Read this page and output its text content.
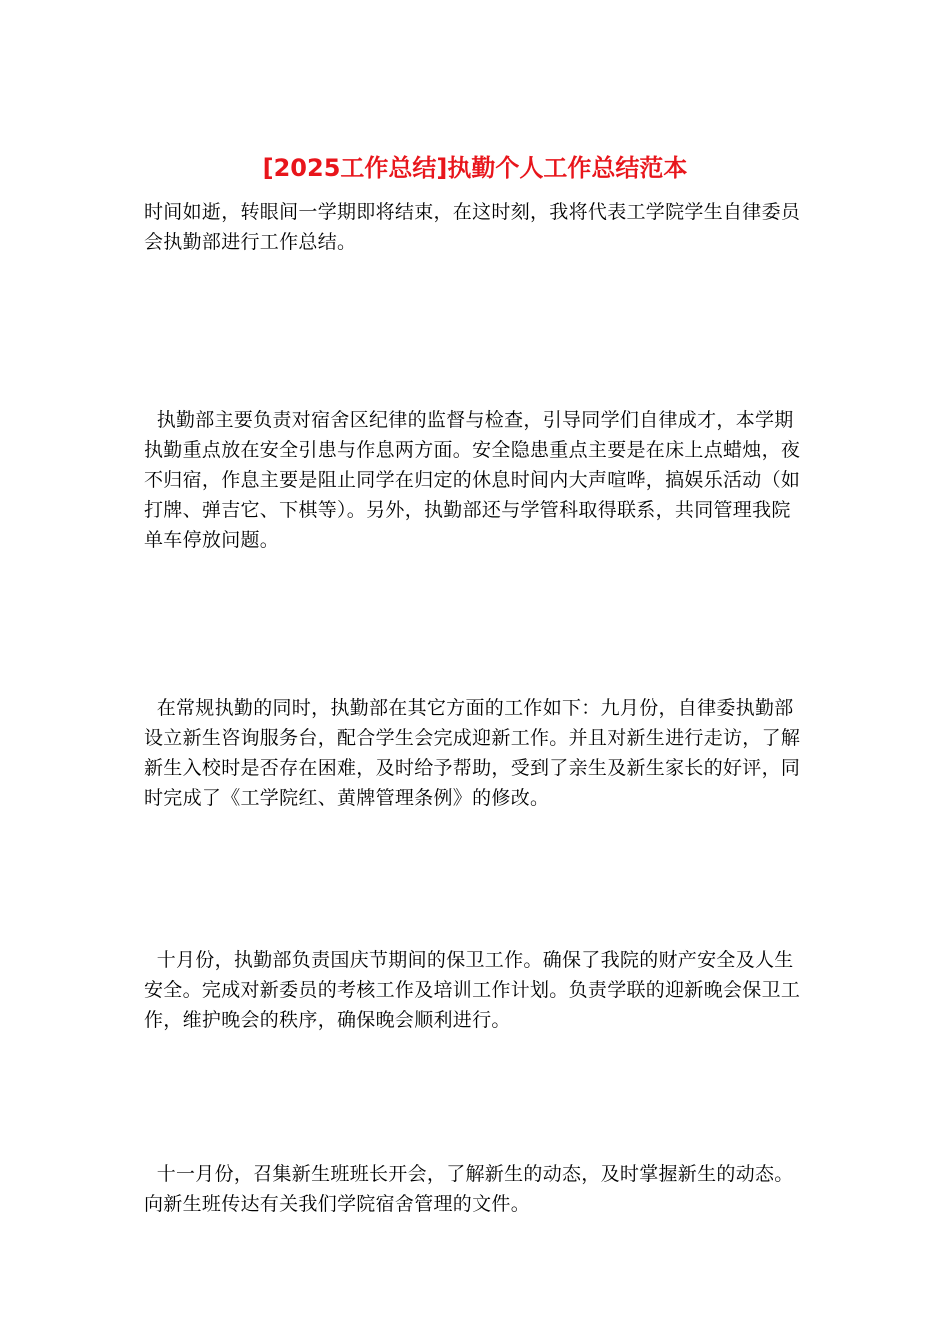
[2025工作总结]执勤个人工作总结范本

时间如逝，转眼间一学期即将结束，在这时刻，我将代表工学院学生自律委员会执勤部进行工作总结。

执勤部主要负责对宿舍区纪律的监督与检查，引导同学们自律成才，本学期执勤重点放在安全引患与作息两方面。安全隐患重点主要是在床上点蜡烛，夜不归宿，作息主要是阻止同学在归定的休息时间内大声喧哗，搞娱乐活动（如打牌、弹吉它、下棋等）。另外，执勤部还与学管科取得联系，共同管理我院单车停放问题。

在常规执勤的同时，执勤部在其它方面的工作如下：九月份，自律委执勤部设立新生咨询服务台，配合学生会完成迎新工作。并且对新生进行走访，了解新生入校时是否存在困难，及时给予帮助，受到了亲生及新生家长的好评，同时完成了《工学院红、黄牌管理条例》的修改。

十月份，执勤部负责国庆节期间的保卫工作。确保了我院的财产安全及人生安全。完成对新委员的考核工作及培训工作计划。负责学联的迎新晚会保卫工作，维护晚会的秩序，确保晚会顺利进行。

十一月份，召集新生班班长开会，了解新生的动态，及时掌握新生的动态。向新生班传达有关我们学院宿舍管理的文件。
